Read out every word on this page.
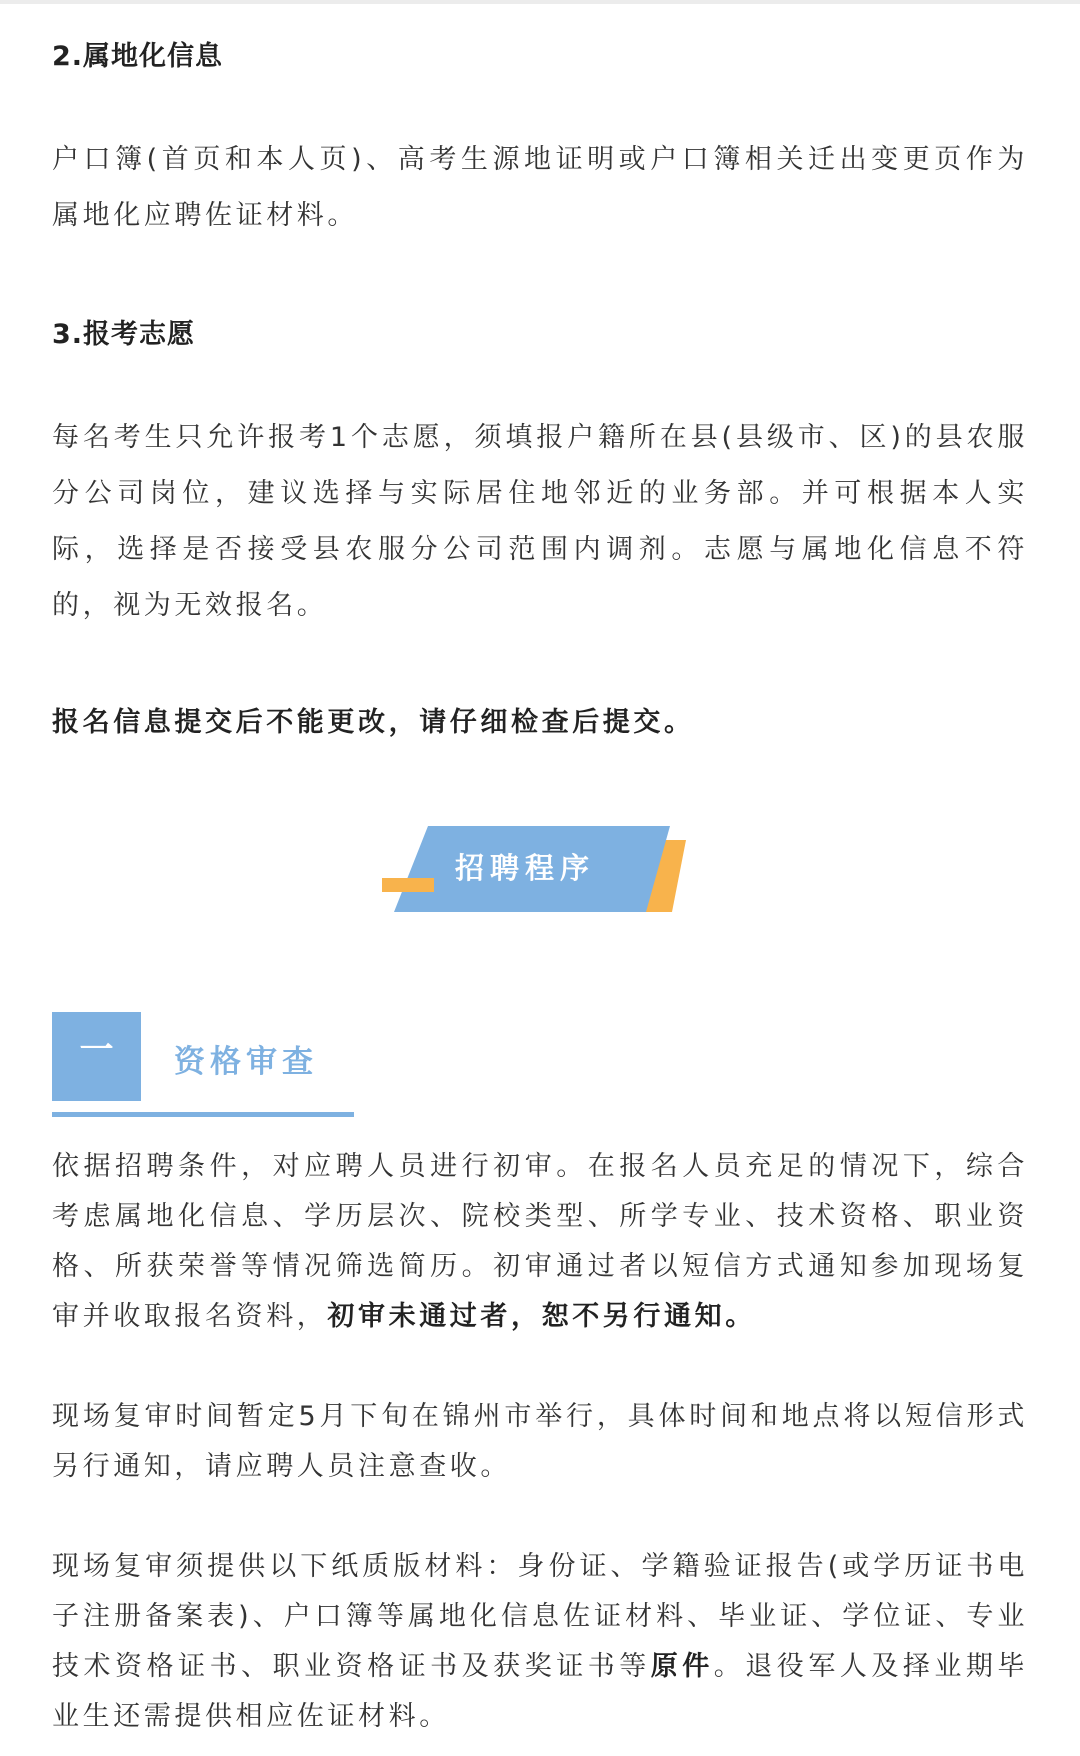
2.属地化信息

户口簿(首页和本人页)、高考生源地证明或户口簿相关迁出变更页作为属地化应聘佐证材料。

3.报考志愿

每名考生只允许报考1个志愿，须填报户籍所在县(县级市、区)的县农服分公司岗位，建议选择与实际居住地邻近的业务部。并可根据本人实际，选择是否接受县农服分公司范围内调剂。志愿与属地化信息不符的，视为无效报名。

报名信息提交后不能更改，请仔细检查后提交。

招聘程序
一	资格审查

依据招聘条件，对应聘人员进行初审。在报名人员充足的情况下，综合考虑属地化信息、学历层次、院校类型、所学专业、技术资格、职业资格、所获荣誉等情况筛选简历。初审通过者以短信方式通知参加现场复审并收取报名资料，初审未通过者，恕不另行通知。

现场复审时间暂定5月下旬在锦州市举行，具体时间和地点将以短信形式另行通知，请应聘人员注意查收。

现场复审须提供以下纸质版材料：身份证、学籍验证报告(或学历证书电子注册备案表)、户口簿等属地化信息佐证材料、毕业证、学位证、专业技术资格证书、职业资格证书及获奖证书等原件。退役军人及择业期毕业生还需提供相应佐证材料。
